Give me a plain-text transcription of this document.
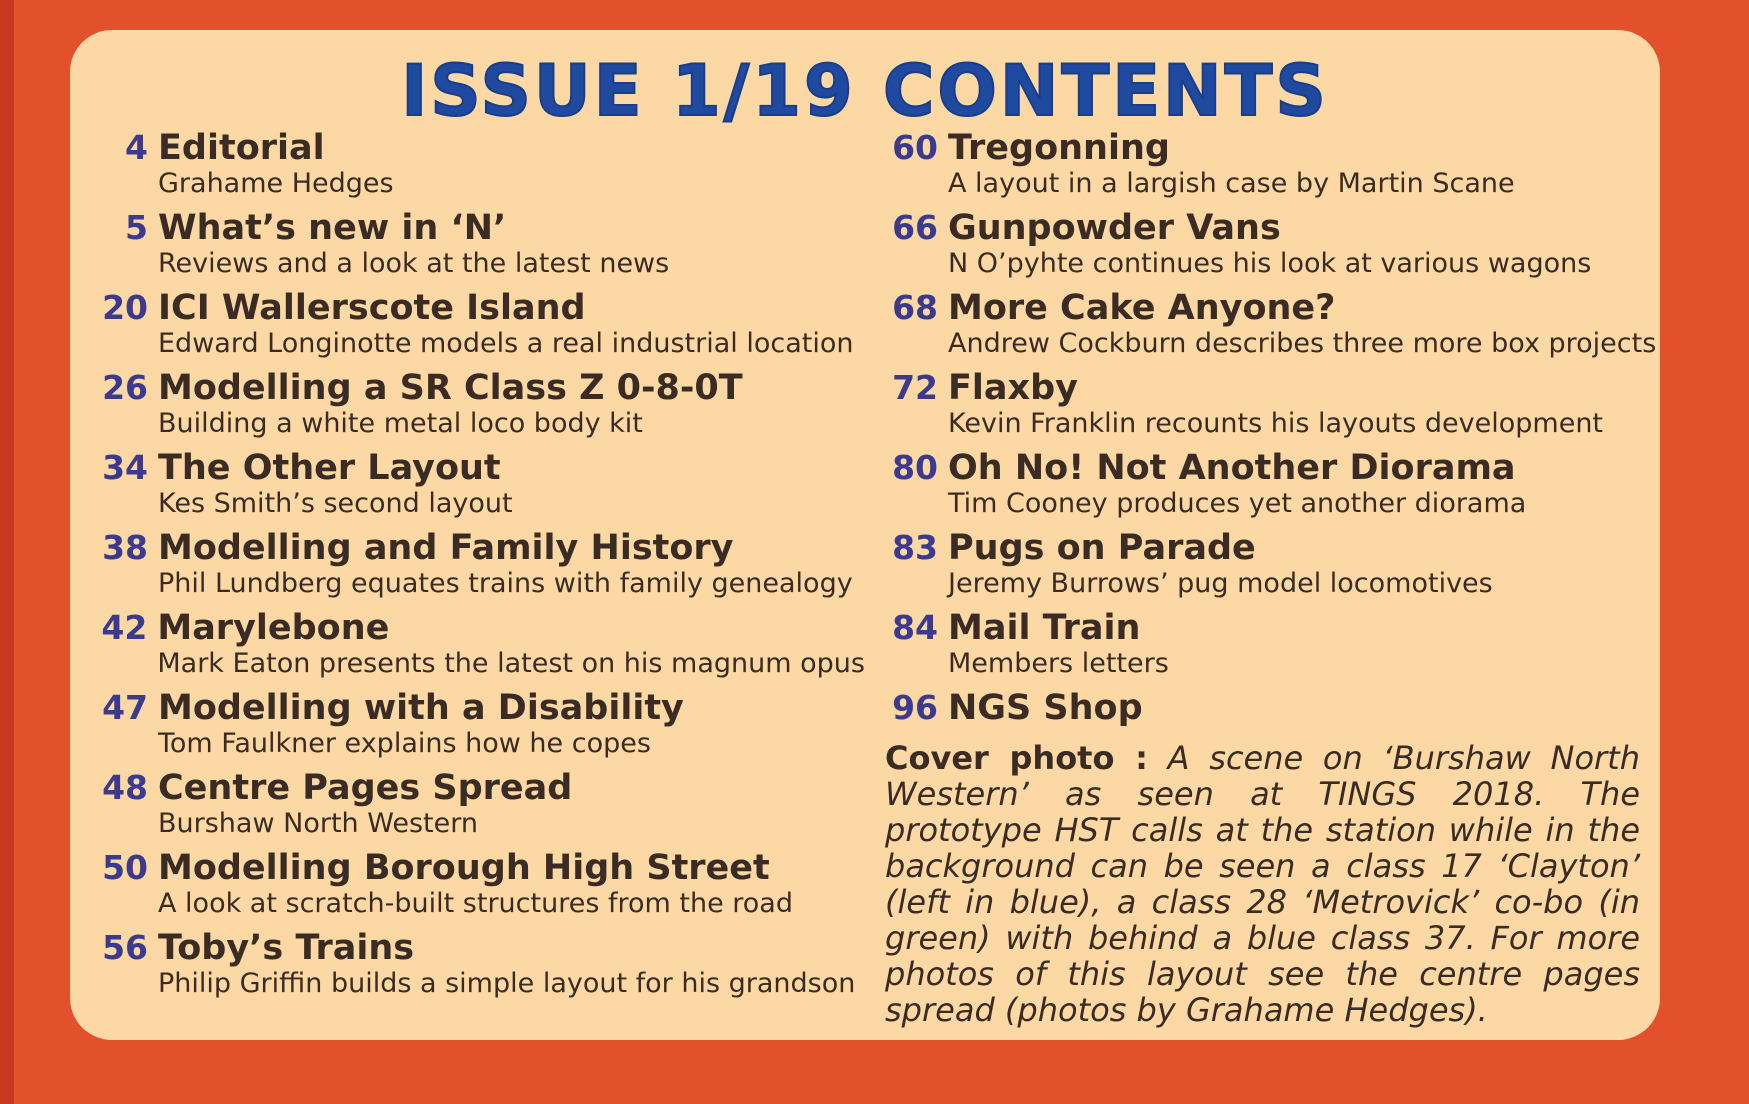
ISSUE 1/19 CONTENTS
4 Editorial
Grahame Hedges
5 What’s new in ‘N’
Reviews and a look at the latest news
20 ICI Wallerscote Island
Edward Longinotte models a real industrial location
26 Modelling a SR Class Z 0-8-0T
Building a white metal loco body kit
34 The Other Layout
Kes Smith’s second layout
38 Modelling and Family History
Phil Lundberg equates trains with family genealogy
42 Marylebone
Mark Eaton presents the latest on his magnum opus
47 Modelling with a Disability
Tom Faulkner explains how he copes
48 Centre Pages Spread
Burshaw North Western
50 Modelling Borough High Street
A look at scratch-built structures from the road
56 Toby’s Trains
Philip Griffin builds a simple layout for his grandson
60 Tregonning
A layout in a largish case by Martin Scane
66 Gunpowder Vans
N O’pyhte continues his look at various wagons
68 More Cake Anyone?
Andrew Cockburn describes three more box projects
72 Flaxby
Kevin Franklin recounts his layouts development
80 Oh No! Not Another Diorama
Tim Cooney produces yet another diorama
83 Pugs on Parade
Jeremy Burrows’ pug model locomotives
84 Mail Train
Members letters
96 NGS Shop
Cover photo : A scene on ‘Burshaw North Western’ as seen at TINGS 2018. The prototype HST calls at the station while in the background can be seen a class 17 ‘Clayton’ (left in blue), a class 28 ‘Metrovick’ co-bo (in green) with behind a blue class 37. For more photos of this layout see the centre pages spread (photos by Grahame Hedges).
